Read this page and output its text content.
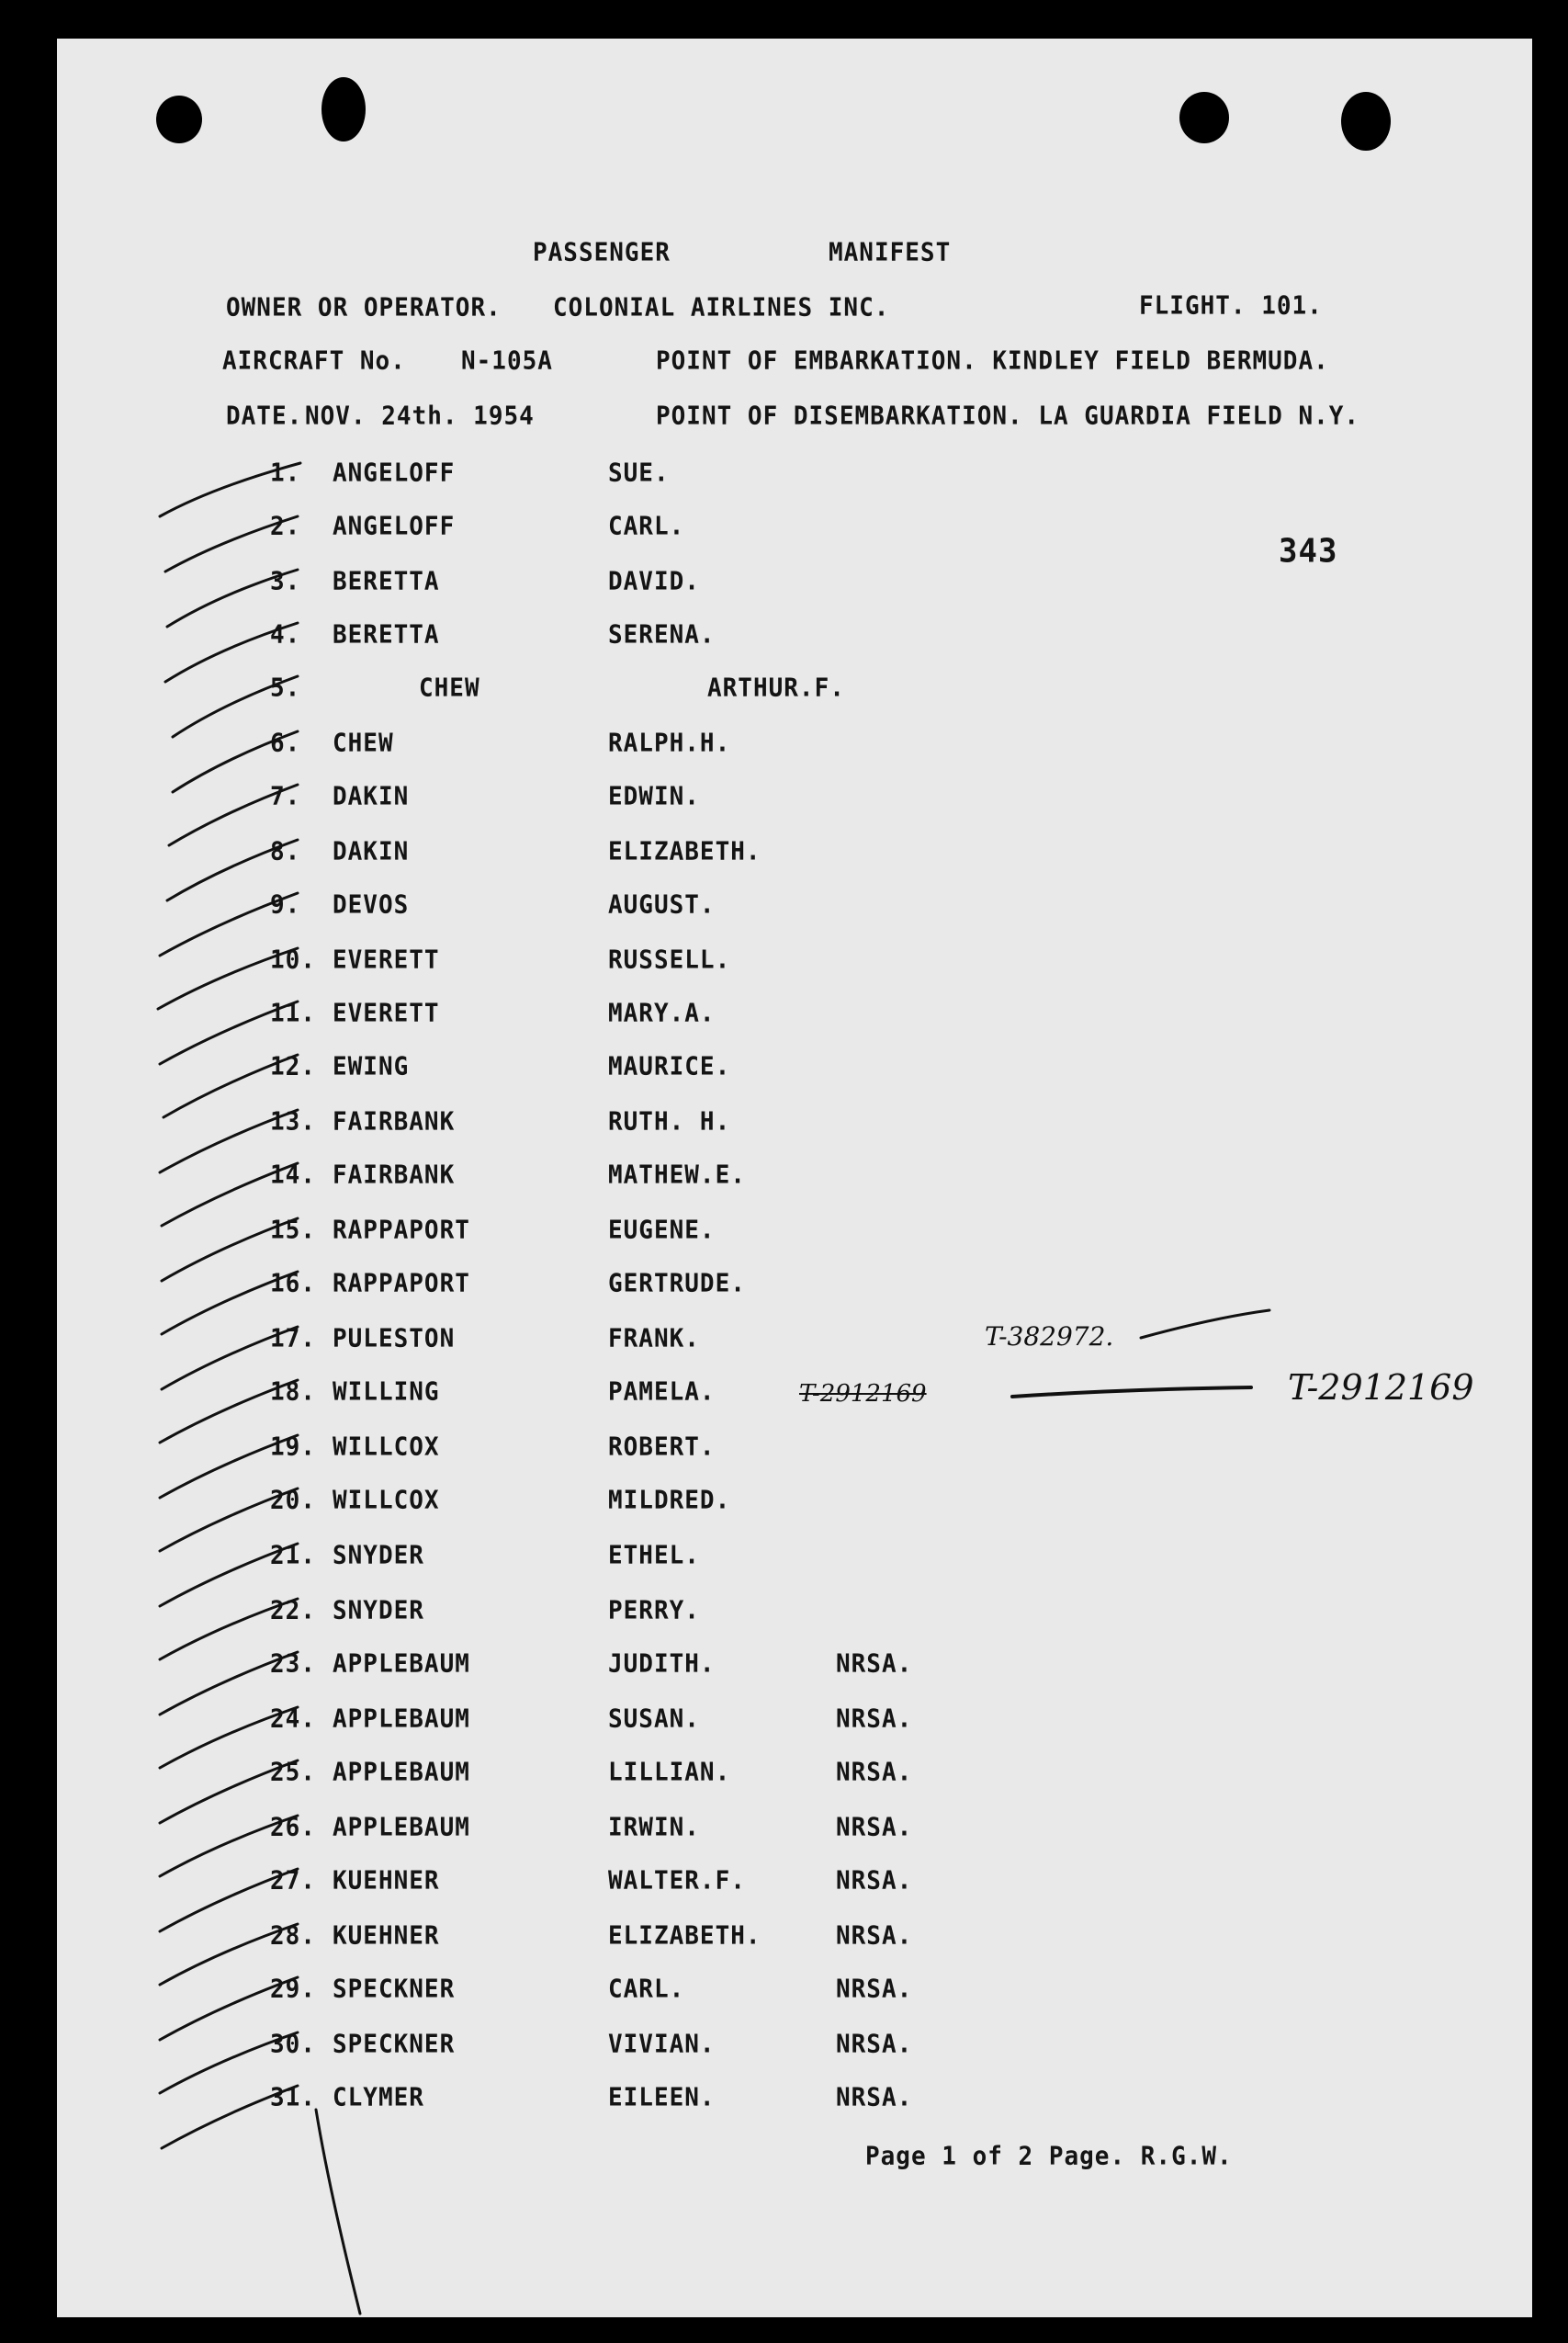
PASSENGER	MANIFEST
OWNER OR OPERATOR. COLONIAL AIRLINES INC.	FLIGHT. 101.
AIRCRAFT No. N-105A	POINT OF EMBARKATION. KINDLEY FIELD BERMUDA.
DATE. NOV. 24th. 1954	POINT OF DISEMBARKATION. LA GUARDIA FIELD N.Y.
343
1. ANGELOFF	SUE.
2. ANGELOFF	CARL.
3. BERETTA	DAVID.
4. BERETTA	SERENA.
5.	CHEW	ARTHUR.F.
6. CHEW	RALPH.H.
7. DAKIN	EDWIN.
8. DAKIN	ELIZABETH.
9. DEVOS	AUGUST.
10. EVERETT	RUSSELL.
11. EVERETT	MARY.A.
12. EWING	MAURICE.
13. FAIRBANK	RUTH. H.
14. FAIRBANK	MATHEW.E.
15. RAPPAPORT	EUGENE.
16. RAPPAPORT	GERTRUDE.
17. PULESTON	FRANK.
18. WILLING	PAMELA.
19. WILLCOX	ROBERT.
20. WILLCOX	MILDRED.
21. SNYDER	ETHEL.
22. SNYDER	PERRY.
23. APPLEBAUM	JUDITH.	NRSA.
24. APPLEBAUM	SUSAN.	NRSA.
25. APPLEBAUM	LILLIAN.	NRSA.
26. APPLEBAUM	IRWIN.	NRSA.
27. KUEHNER	WALTER.F.	NRSA.
28. KUEHNER	ELIZABETH.	NRSA.
29. SPECKNER	CARL.	NRSA.
30. SPECKNER	VIVIAN.	NRSA.
31. CLYMER	EILEEN.	NRSA.
T-382972.
T-2912169	T-2912169
Page 1 of 2 Page. R.G.W.
